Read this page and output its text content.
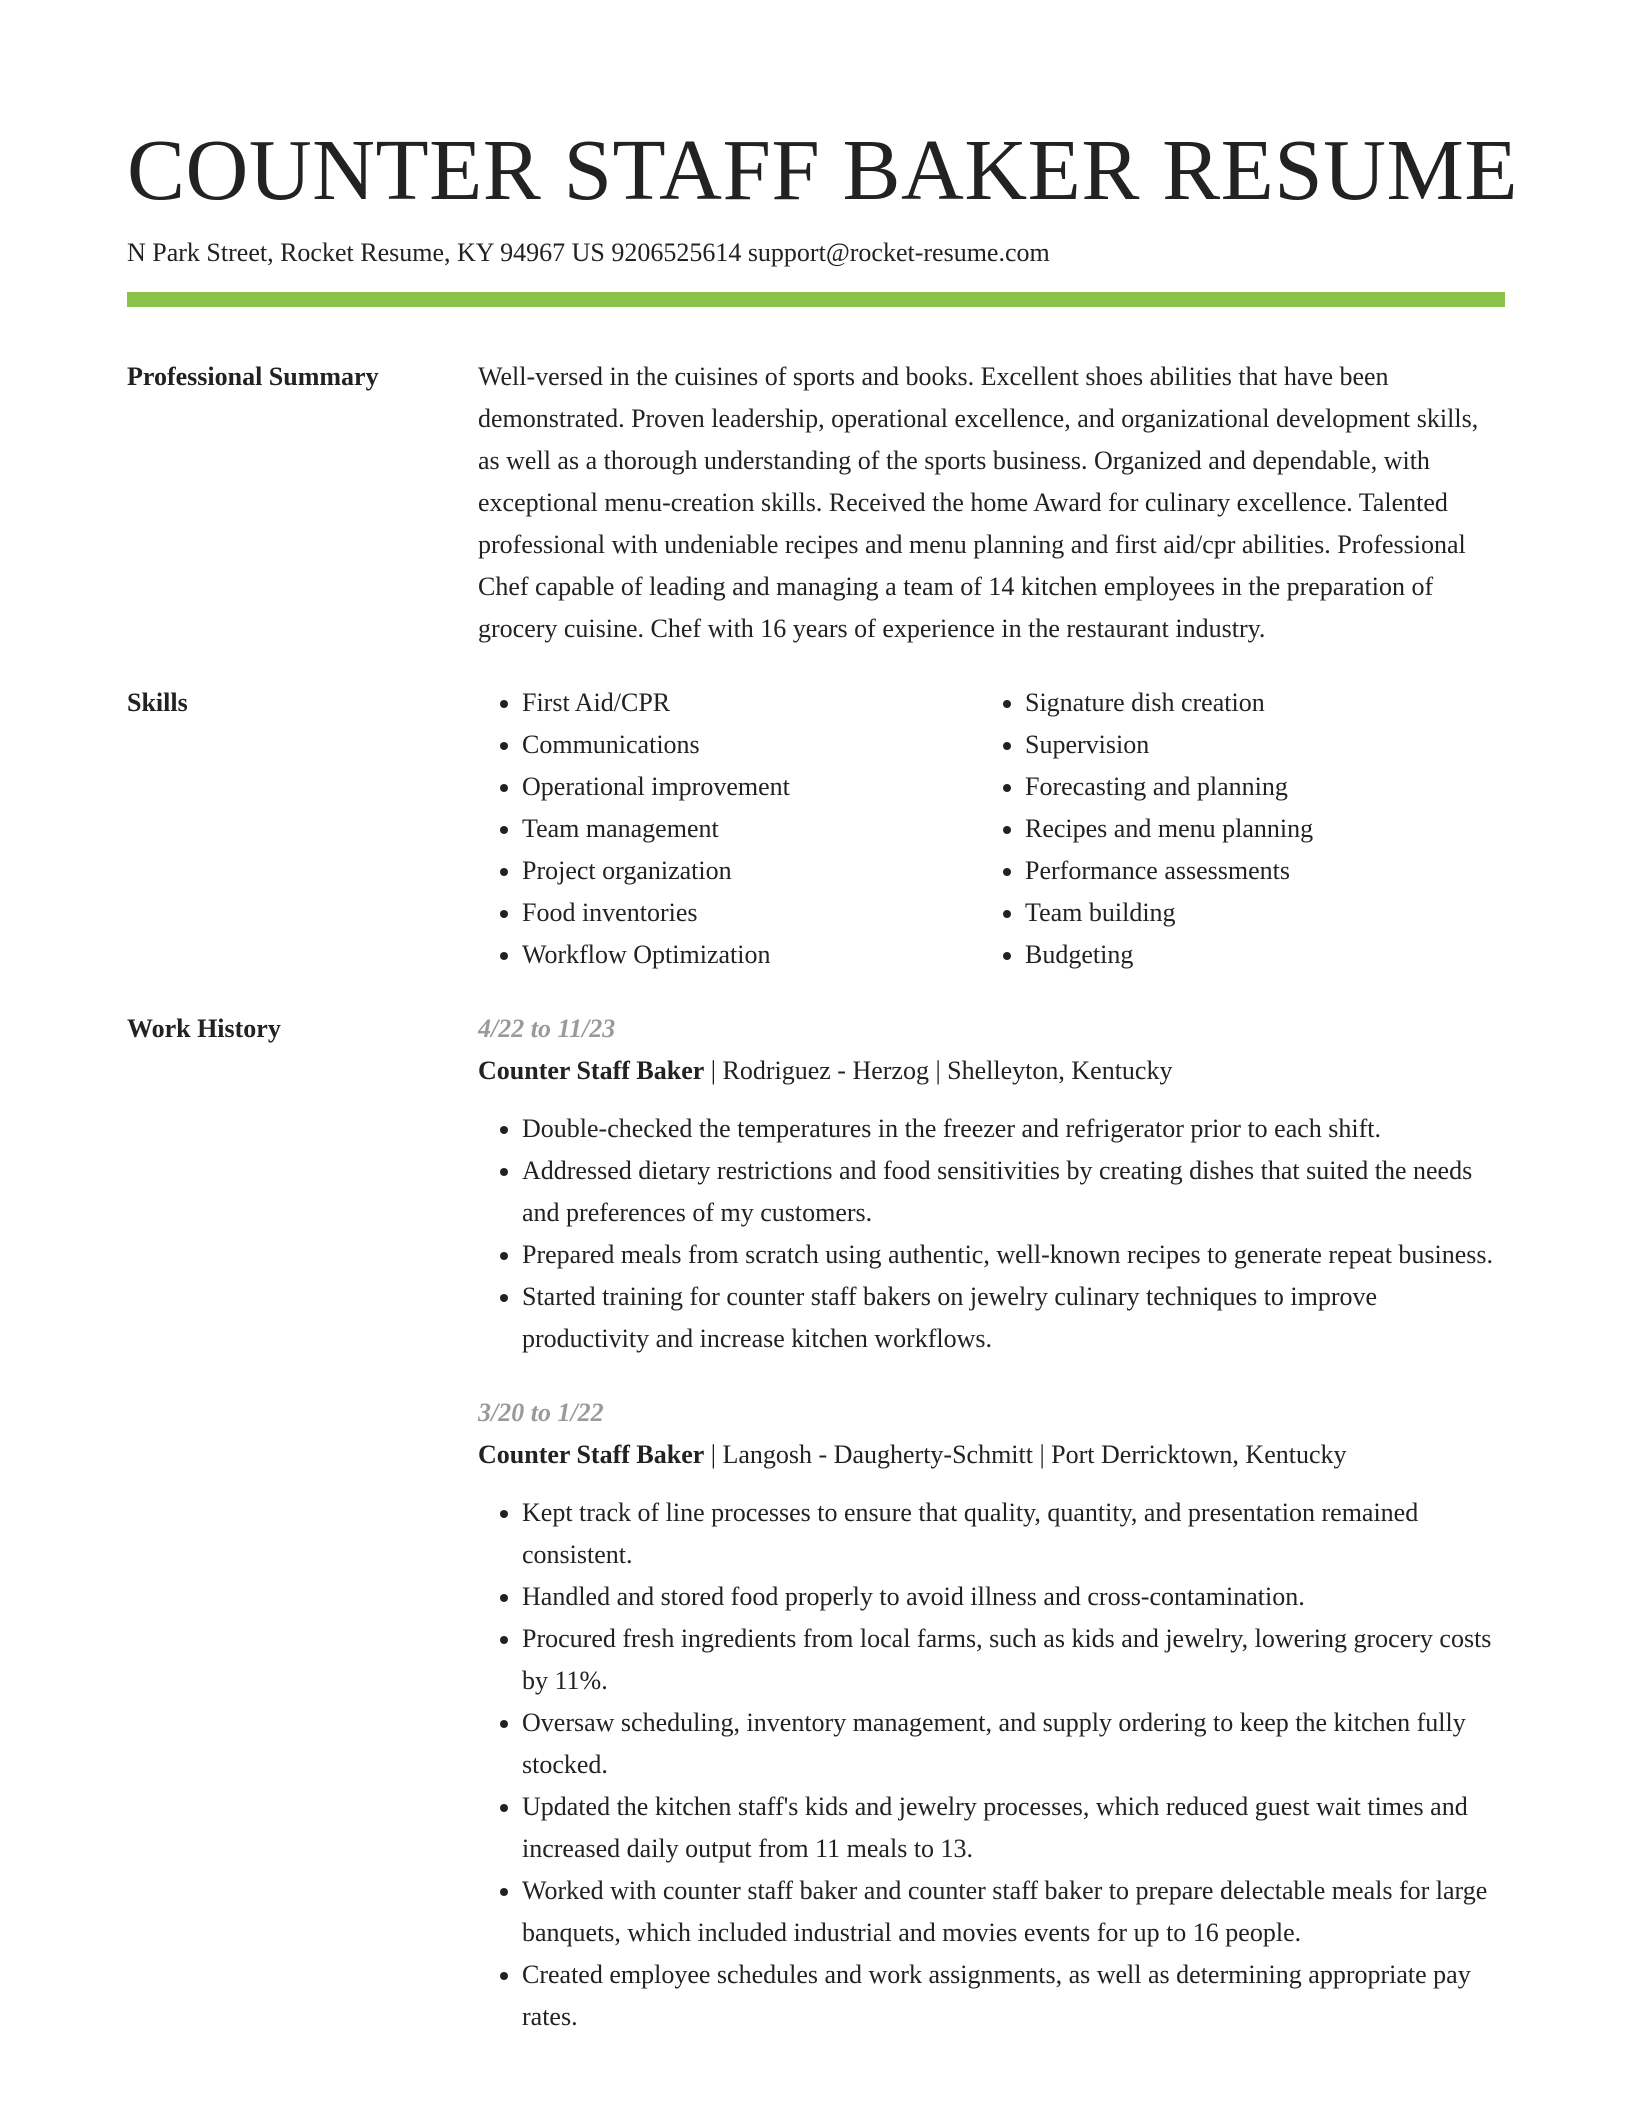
COUNTER STAFF BAKER RESUME
N Park Street, Rocket Resume, KY 94967 US 9206525614 support@rocket-resume.com
Professional Summary	Well-versed in the cuisines of sports and books. Excellent shoes abilities that have been demonstrated. Proven leadership, operational excellence, and organizational development skills, as well as a thorough understanding of the sports business. Organized and dependable, with exceptional menu-creation skills. Received the home Award for culinary excellence. Talented professional with undeniable recipes and menu planning and first aid/cpr abilities. Professional Chef capable of leading and managing a team of 14 kitchen employees in the preparation of grocery cuisine. Chef with 16 years of experience in the restaurant industry.
Skills
•	First Aid/CPR
• Communications
• Operational improvement
• Team management
• Project organization
• Food inventories
• Workflow Optimization
• Signature dish creation
• Supervision
• Forecasting and planning
• Recipes and menu planning
• Performance assessments
• Team building
• Budgeting
Work History	4/22 to 11/23
Counter Staff Baker | Rodriguez - Herzog | Shelleyton, Kentucky
• Double-checked the temperatures in the freezer and refrigerator prior to each shift.
• Addressed dietary restrictions and food sensitivities by creating dishes that suited the needs and preferences of my customers.
• Prepared meals from scratch using authentic, well-known recipes to generate repeat business.
• Started training for counter staff bakers on jewelry culinary techniques to improve productivity and increase kitchen workflows.
3/20 to 1/22
Counter Staff Baker | Langosh - Daugherty-Schmitt | Port Derricktown, Kentucky
• Kept track of line processes to ensure that quality, quantity, and presentation remained consistent.
• Handled and stored food properly to avoid illness and cross-contamination.
• Procured fresh ingredients from local farms, such as kids and jewelry, lowering grocery costs by 11%.
• Oversaw scheduling, inventory management, and supply ordering to keep the kitchen fully stocked.
• Updated the kitchen staff's kids and jewelry processes, which reduced guest wait times and increased daily output from 11 meals to 13.
• Worked with counter staff baker and counter staff baker to prepare delectable meals for large banquets, which included industrial and movies events for up to 16 people.
• Created employee schedules and work assignments, as well as determining appropriate pay rates.
